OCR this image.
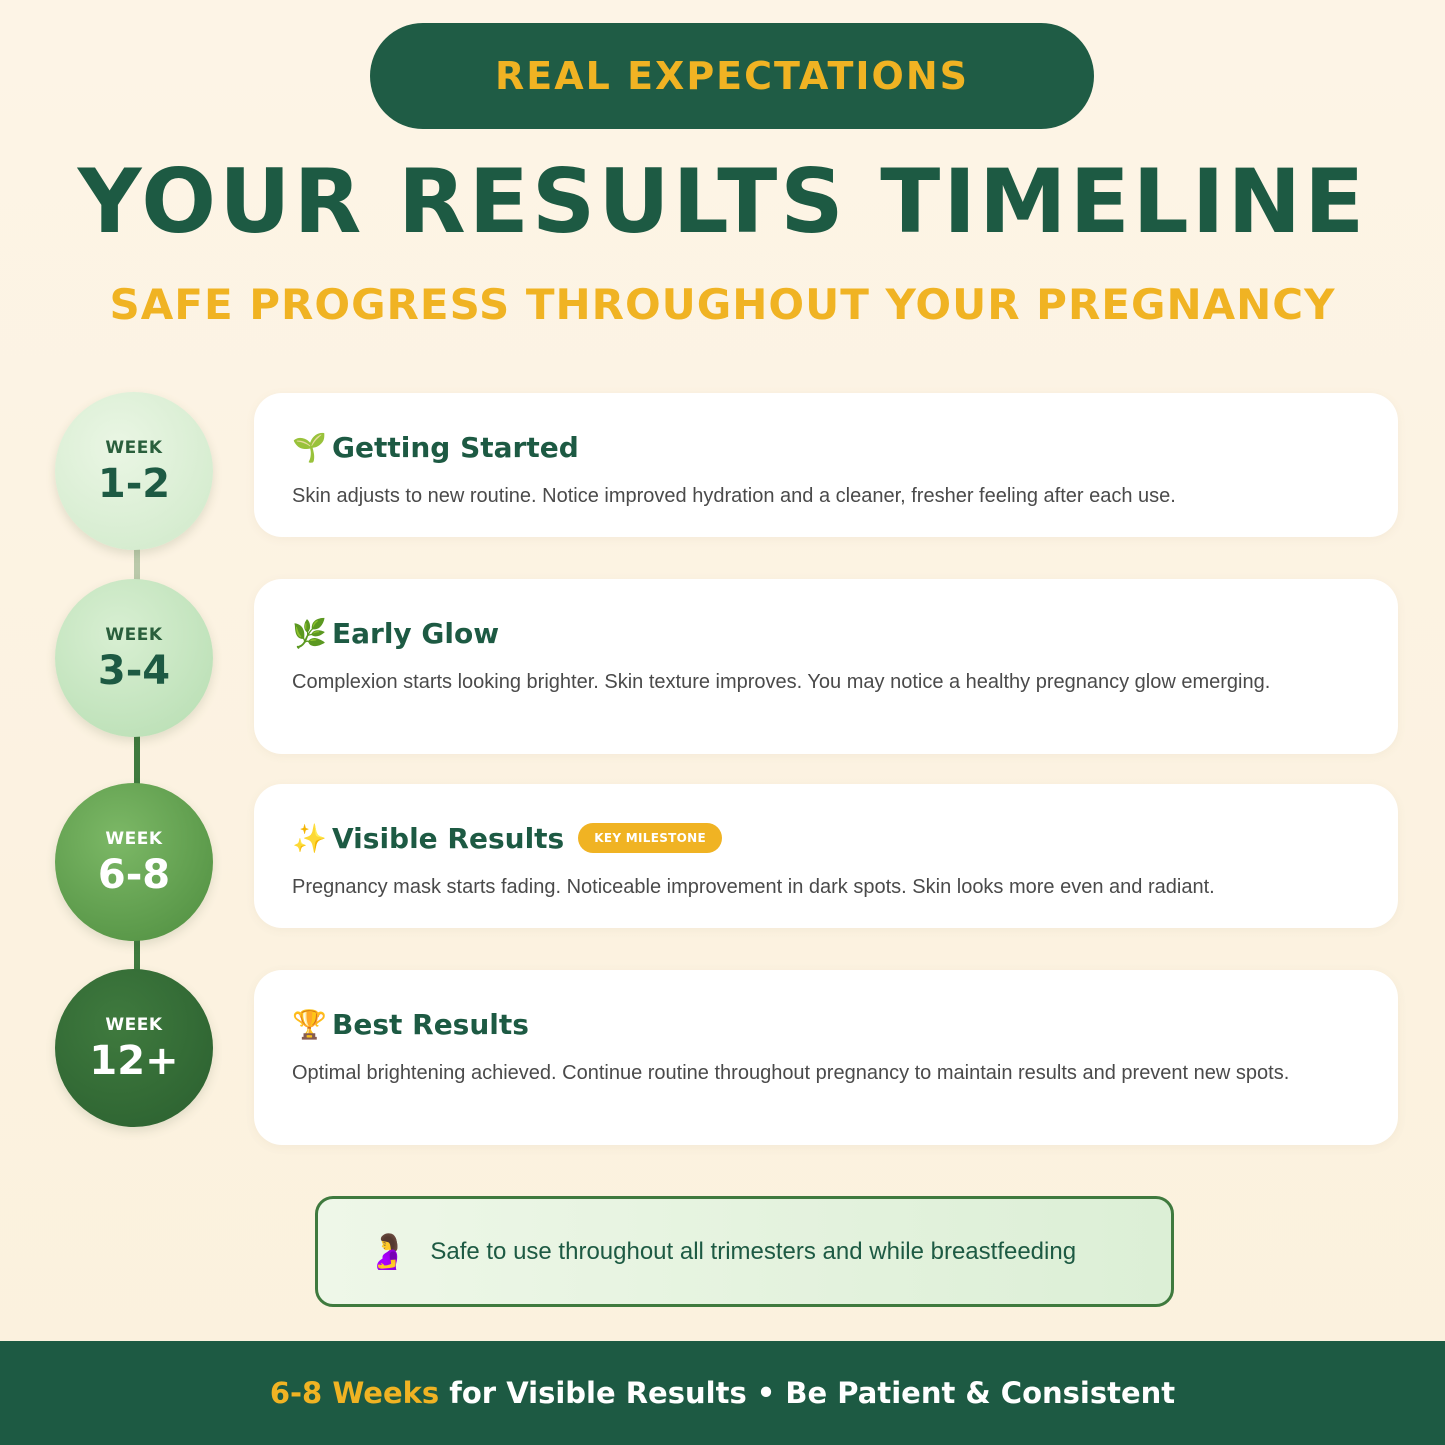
REAL EXPECTATIONS
YOUR RESULTS TIMELINE
SAFE PROGRESS THROUGHOUT YOUR PREGNANCY
WEEK
1-2
WEEK
3-4
WEEK
6-8
WEEK
12+
🌱 Getting Started
Skin adjusts to new routine. Notice improved hydration and a cleaner, fresher feeling after each use.
🌿 Early Glow
Complexion starts looking brighter. Skin texture improves. You may notice a healthy pregnancy glow emerging.
✨ Visible Results	KEY MILESTONE
Pregnancy mask starts fading. Noticeable improvement in dark spots. Skin looks more even and radiant.
🏆 Best Results
Optimal brightening achieved. Continue routine throughout pregnancy to maintain results and prevent new spots.
🤰 Safe to use throughout all trimesters and while breastfeeding
6-8 Weeks for Visible Results • Be Patient & Consistent
